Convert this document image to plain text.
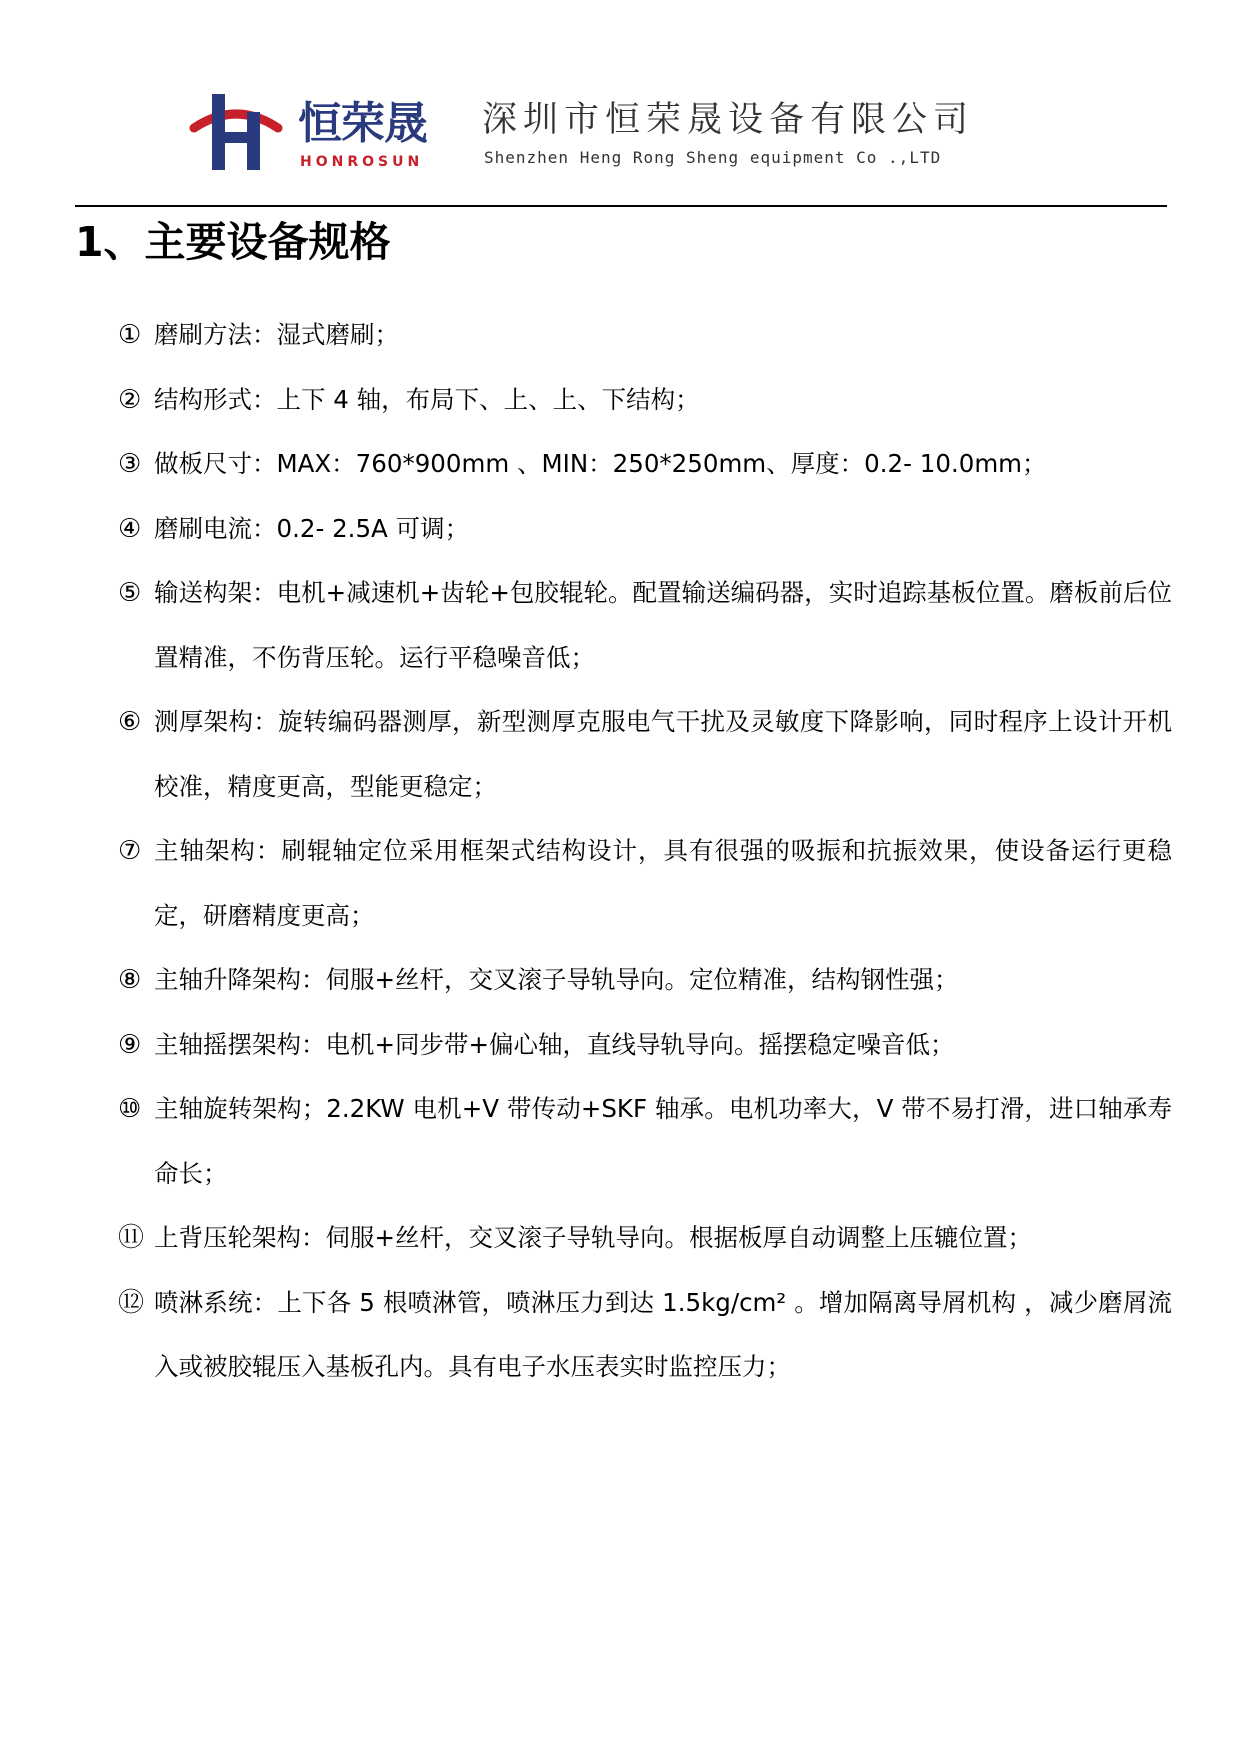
恒荣晟
HONROSUN
深圳市恒荣晟设备有限公司
Shenzhen Heng Rong Sheng equipment Co .,LTD
1、主要设备规格
① 磨刷方法：湿式磨刷；
② 结构形式：上下 4 轴，布局下、上、上、下结构；
③ 做板尺寸：MAX：760*900mm 、MIN：250*250mm、厚度：0.2- 10.0mm；
④ 磨刷电流：0.2- 2.5A 可调；
⑤ 输送构架：电机+减速机+齿轮+包胶辊轮。配置输送编码器，实时追踪基板位置。磨板前后位置精准，不伤背压轮。运行平稳噪音低；
⑥ 测厚架构：旋转编码器测厚，新型测厚克服电气干扰及灵敏度下降影响，同时程序上设计开机校准，精度更高，型能更稳定；
⑦ 主轴架构：刷辊轴定位采用框架式结构设计，具有很强的吸振和抗振效果，使设备运行更稳定，研磨精度更高；
⑧ 主轴升降架构：伺服+丝杆，交叉滚子导轨导向。定位精准，结构钢性强；
⑨ 主轴摇摆架构：电机+同步带+偏心轴，直线导轨导向。摇摆稳定噪音低；
⑩ 主轴旋转架构；2.2KW 电机+V 带传动+SKF 轴承。电机功率大，V 带不易打滑，进口轴承寿命长；
⑪ 上背压轮架构：伺服+丝杆，交叉滚子导轨导向。根据板厚自动调整上压辘位置；
⑫ 喷淋系统：上下各 5 根喷淋管，喷淋压力到达 1.5kg/cm² 。增加隔离导屑机构 ，减少磨屑流入或被胶辊压入基板孔内。具有电子水压表实时监控压力；
